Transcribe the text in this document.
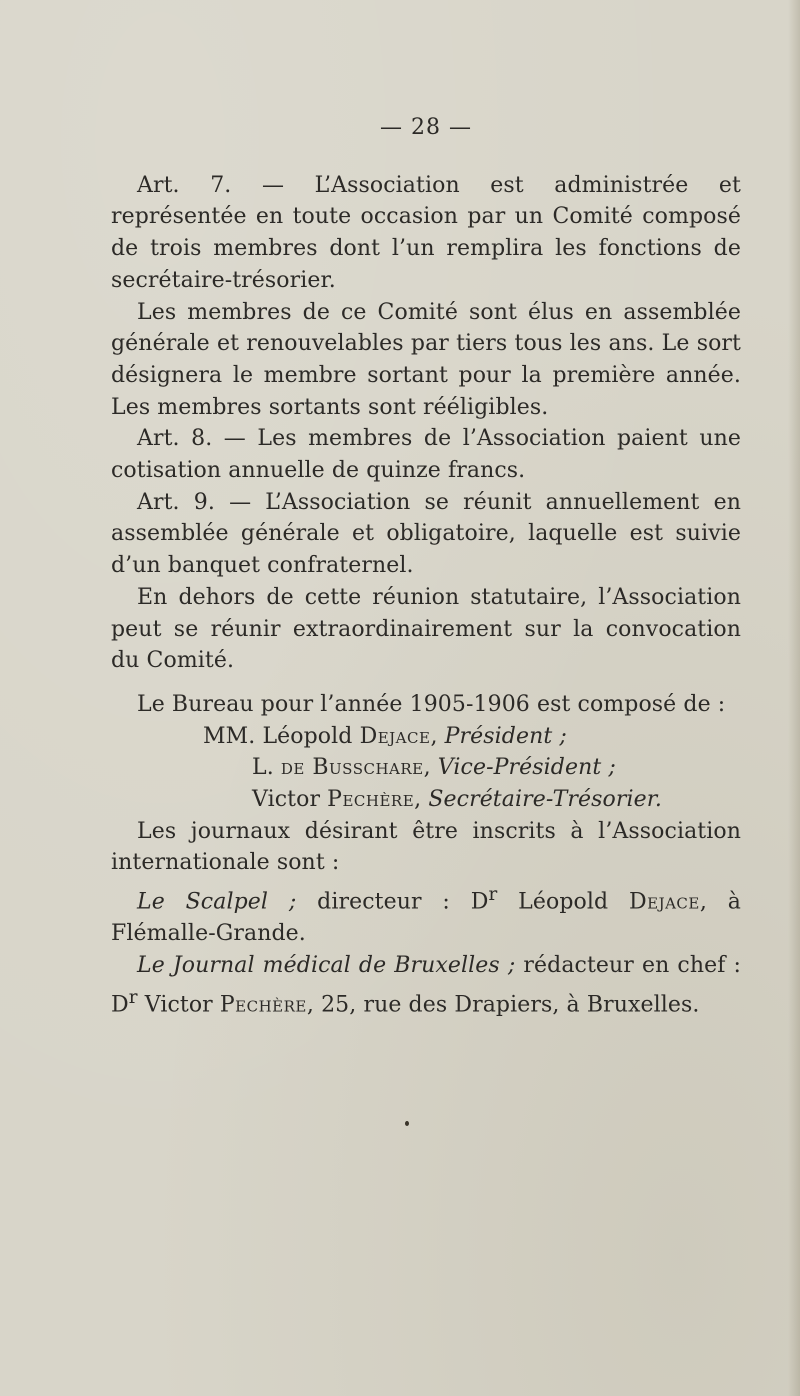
— 28 —

Art. 7. — L’Association est administrée et représentée en toute occasion par un Comité composé de trois membres dont l’un remplira les fonctions de secrétaire-trésorier.

Les membres de ce Comité sont élus en assemblée générale et renouvelables par tiers tous les ans. Le sort désignera le membre sortant pour la première année. Les membres sortants sont rééligibles.

Art. 8. — Les membres de l’Association paient une cotisation annuelle de quinze francs.

Art. 9. — L’Association se réunit annuellement en assemblée générale et obligatoire, laquelle est suivie d’un banquet confraternel.

En dehors de cette réunion statutaire, l’Association peut se réunir extraordinairement sur la convocation du Comité.

Le Bureau pour l’année 1905-1906 est composé de :

MM. Léopold Dejace, Président ;
L. de Busschare, Vice-Président ;
Victor Pechère, Secrétaire-Trésorier.

Les journaux désirant être inscrits à l’Association internationale sont :

Le Scalpel ; directeur : $D^r$ Léopold Dejace, à Flémalle-Grande.

Le Journal médical de Bruxelles ; rédacteur en chef : $D^r$ Victor Pechère, 25, rue des Drapiers, à Bruxelles.
